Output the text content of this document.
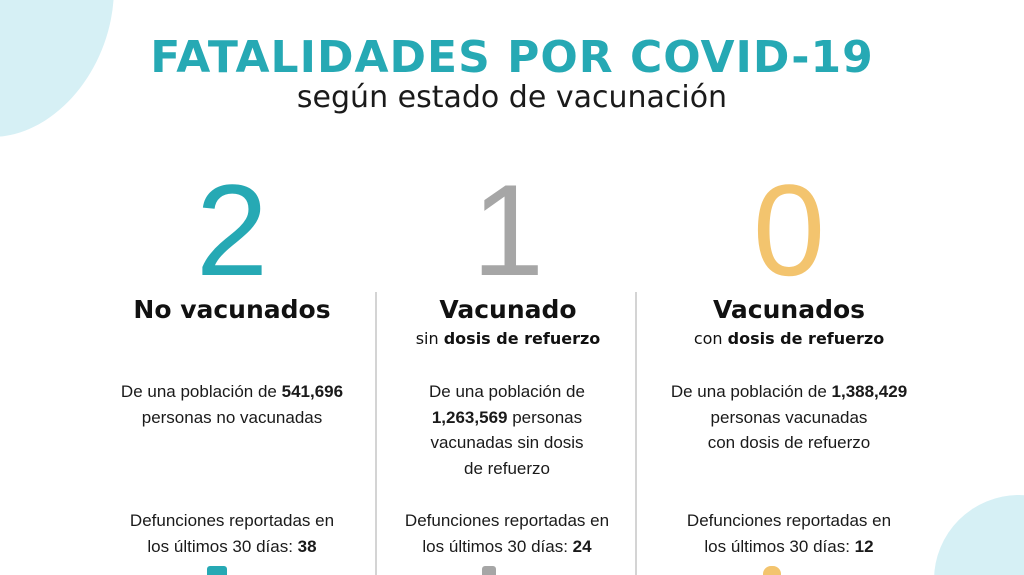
FATALIDADES POR COVID-19
según estado de vacunación
2
No vacunados
1
Vacunado
sin dosis de refuerzo
0
Vacunados
con dosis de refuerzo
De una población de 541,696
personas no vacunadas
De una población de
1,263,569 personas
vacunadas sin dosis
de refuerzo
De una población de 1,388,429
personas vacunadas
con dosis de refuerzo
Defunciones reportadas en
los últimos 30 días: 38
Defunciones reportadas en
los últimos 30 días: 24
Defunciones reportadas en
los últimos 30 días: 12
